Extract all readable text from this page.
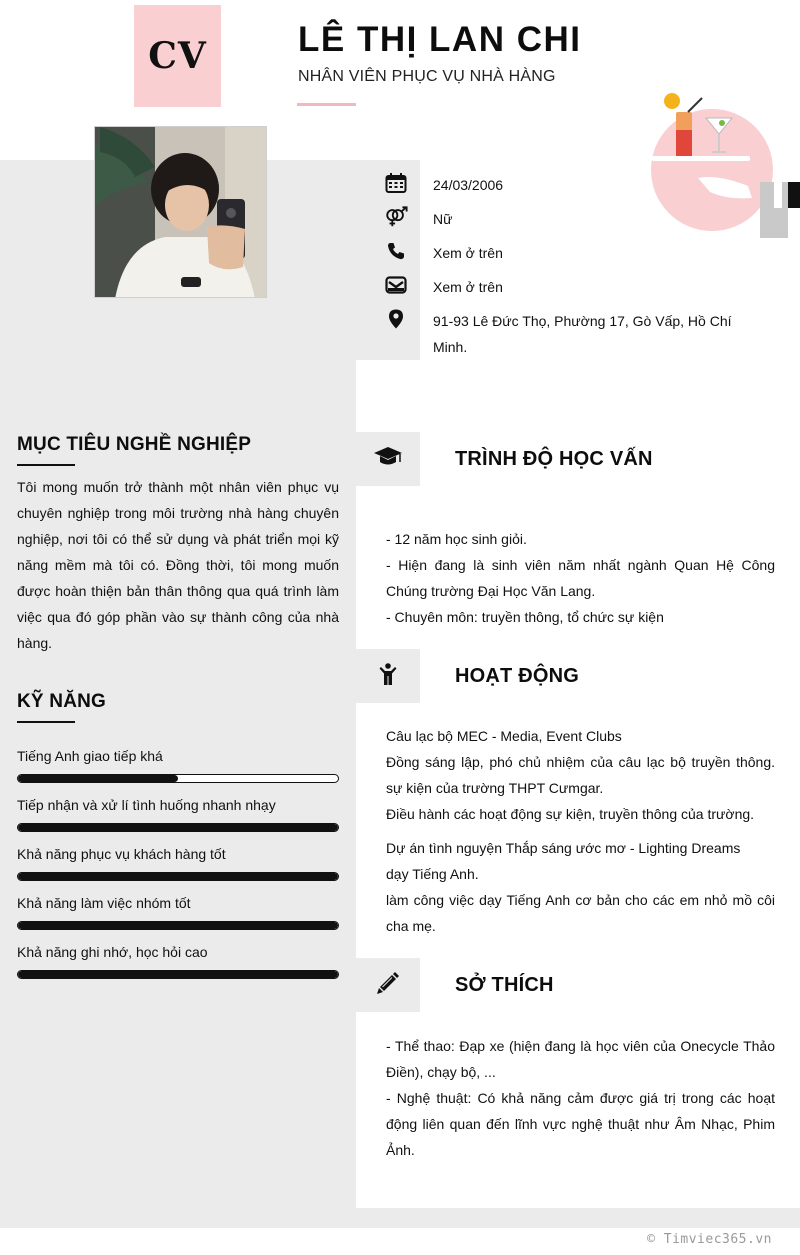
© Timviec365.vn
CV	LÊ THỊ LAN CHI
NHÂN VIÊN PHỤC VỤ NHÀ HÀNG
24/03/2006
Nữ
Xem ở trên
Xem ở trên
91-93 Lê Đức Thọ, Phường 17, Gò Vấp, Hồ Chí
Minh.
MỤC TIÊU NGHỀ NGHIỆP
Tôi mong muốn trở thành một nhân viên phục vụ chuyên nghiệp trong môi trường nhà hàng chuyên nghiệp, nơi tôi có thể sử dụng và phát triển mọi kỹ năng mềm mà tôi có. Đồng thời, tôi mong muốn được hoàn thiện bản thân thông qua quá trình làm việc qua đó góp phần vào sự thành công của nhà hàng.
KỸ NĂNG
Tiếng Anh giao tiếp khá
Tiếp nhận và xử lí tình huống nhanh nhạy
Khả năng phục vụ khách hàng tốt
Khả năng làm việc nhóm tốt
Khả năng ghi nhớ, học hỏi cao
TRÌNH ĐỘ HỌC VẤN

- 12 năm học sinh giỏi.

- Hiện đang là sinh viên năm nhất ngành Quan Hệ Công Chúng trường Đại Học Văn Lang.

- Chuyên môn: truyền thông, tổ chức sự kiện

HOẠT ĐỘNG

Câu lạc bộ MEC - Media, Event Clubs

Đồng sáng lập, phó chủ nhiệm của câu lạc bộ truyền thông. sự kiện của trường THPT Cưmgar.

Điều hành các hoạt động sự kiện, truyền thông của trường.

Dự án tình nguyện Thắp sáng ước mơ - Lighting Dreams

dạy Tiếng Anh.

làm công việc dạy Tiếng Anh cơ bản cho các em nhỏ mồ côi cha mẹ.

SỞ THÍCH

- Thể thao: Đạp xe (hiện đang là học viên của Onecycle Thảo Điền), chạy bộ, ...

- Nghệ thuật: Có khả năng cảm được giá trị trong các hoạt động liên quan đến lĩnh vực nghệ thuật như Âm Nhạc, Phim Ảnh.
